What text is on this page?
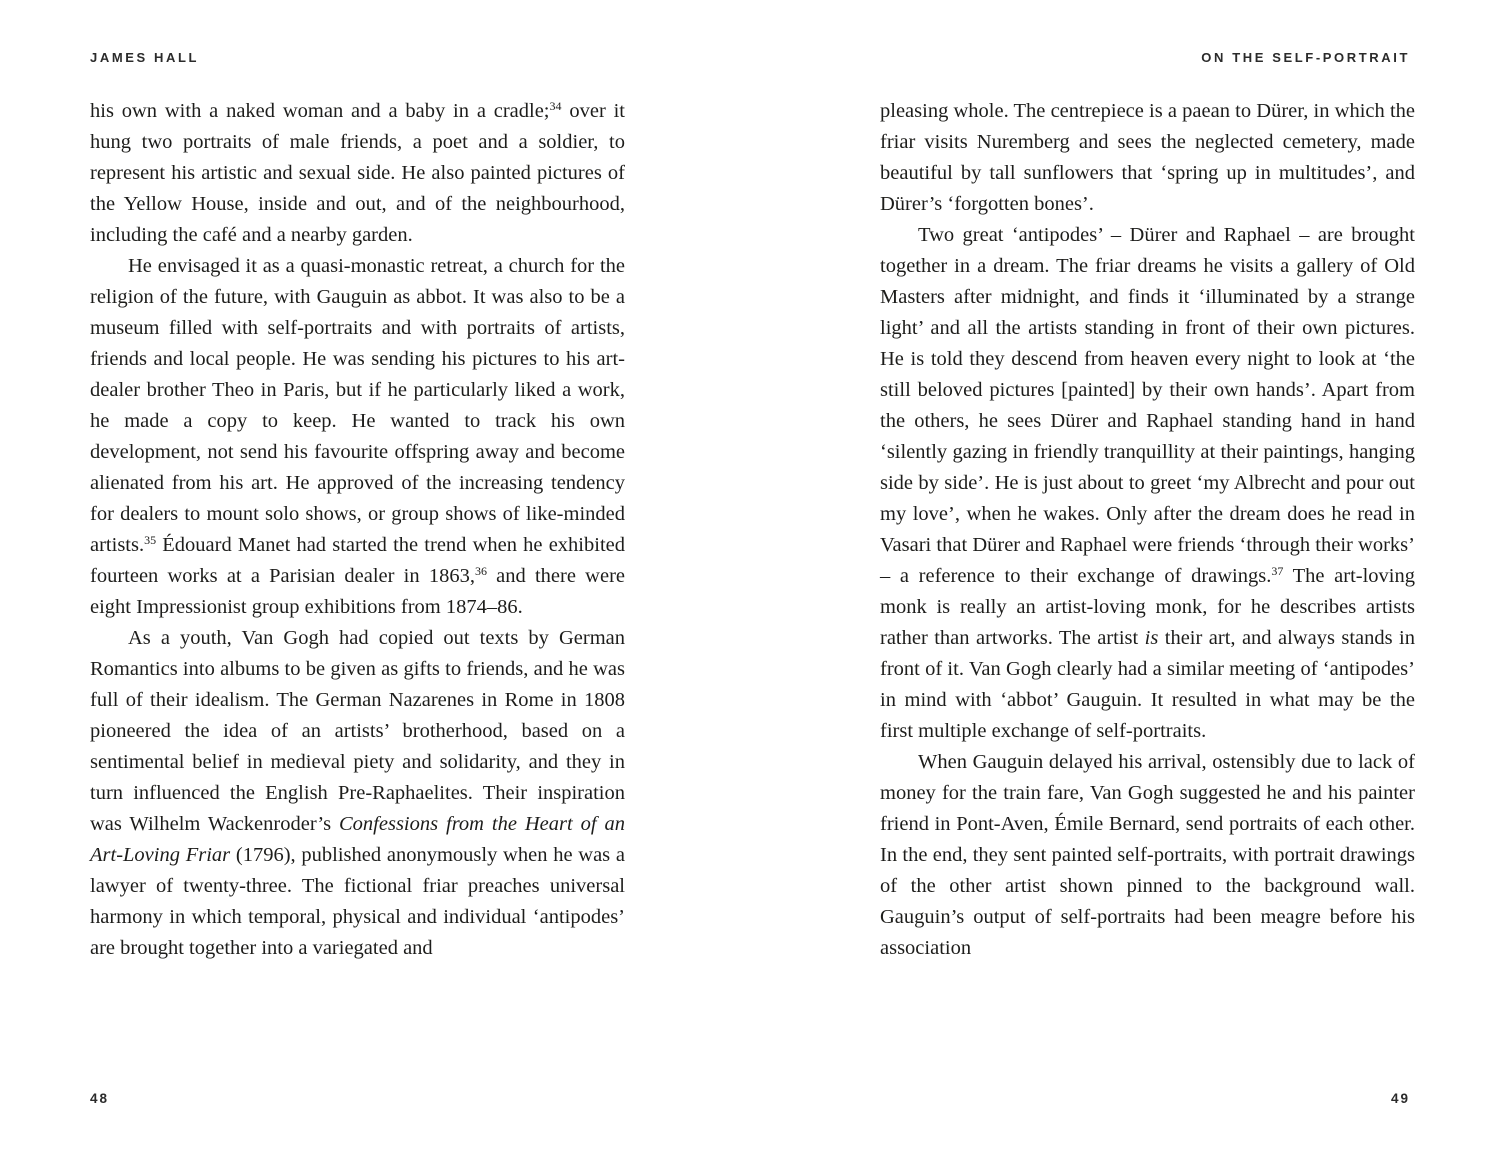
JAMES HALL

his own with a naked woman and a baby in a cradle;$^{34}$ over it hung two portraits of male friends, a poet and a soldier, to represent his artistic and sexual side. He also painted pictures of the Yellow House, inside and out, and of the neighbourhood, including the café and a nearby garden.

He envisaged it as a quasi-monastic retreat, a church for the religion of the future, with Gauguin as abbot. It was also to be a museum filled with self-portraits and with portraits of artists, friends and local people. He was sending his pictures to his art-dealer brother Theo in Paris, but if he particularly liked a work, he made a copy to keep. He wanted to track his own development, not send his favourite offspring away and become alienated from his art. He approved of the increasing tendency for dealers to mount solo shows, or group shows of like-minded artists.$^{35}$ Édouard Manet had started the trend when he exhibited fourteen works at a Parisian dealer in 1863,36 and there were eight Impressionist group exhibitions from 1874–86.

As a youth, Van Gogh had copied out texts by German Romantics into albums to be given as gifts to friends, and he was full of their idealism. The German Nazarenes in Rome in 1808 pioneered the idea of an artists’ brotherhood, based on a sentimental belief in medieval piety and solidarity, and they in turn influenced the English Pre-Raphaelites. Their inspiration was Wilhelm Wackenroder’s Confessions from the Heart of an Art-Loving Friar (1796), published anonymously when he was a lawyer of twenty-three. The fictional friar preaches universal harmony in which temporal, physical and individual ‘antipodes’ are brought together into a variegated and

48
ON THE SELF-PORTRAIT

pleasing whole. The centrepiece is a paean to Dürer, in which the friar visits Nuremberg and sees the neglected cemetery, made beautiful by tall sunflowers that ‘spring up in multitudes’, and Dürer’s ‘forgotten bones’.

Two great ‘antipodes’ – Dürer and Raphael – are brought together in a dream. The friar dreams he visits a gallery of Old Masters after midnight, and finds it ‘illuminated by a strange light’ and all the artists standing in front of their own pictures. He is told they descend from heaven every night to look at ‘the still beloved pictures [painted] by their own hands’. Apart from the others, he sees Dürer and Raphael standing hand in hand ‘silently gazing in friendly tranquillity at their paintings, hanging side by side’. He is just about to greet ‘my Albrecht and pour out my love’, when he wakes. Only after the dream does he read in Vasari that Dürer and Raphael were friends ‘through their works’ – a reference to their exchange of drawings.$^{37}$ The art-loving monk is really an artist-loving monk, for he describes artists rather than artworks. The artist is their art, and always stands in front of it. Van Gogh clearly had a similar meeting of ‘antipodes’ in mind with ‘abbot’ Gauguin. It resulted in what may be the first multiple exchange of self-portraits.

When Gauguin delayed his arrival, ostensibly due to lack of money for the train fare, Van Gogh suggested he and his painter friend in Pont-Aven, Émile Bernard, send portraits of each other. In the end, they sent painted self-portraits, with portrait drawings of the other artist shown pinned to the background wall. Gauguin’s output of self-portraits had been meagre before his association

49
